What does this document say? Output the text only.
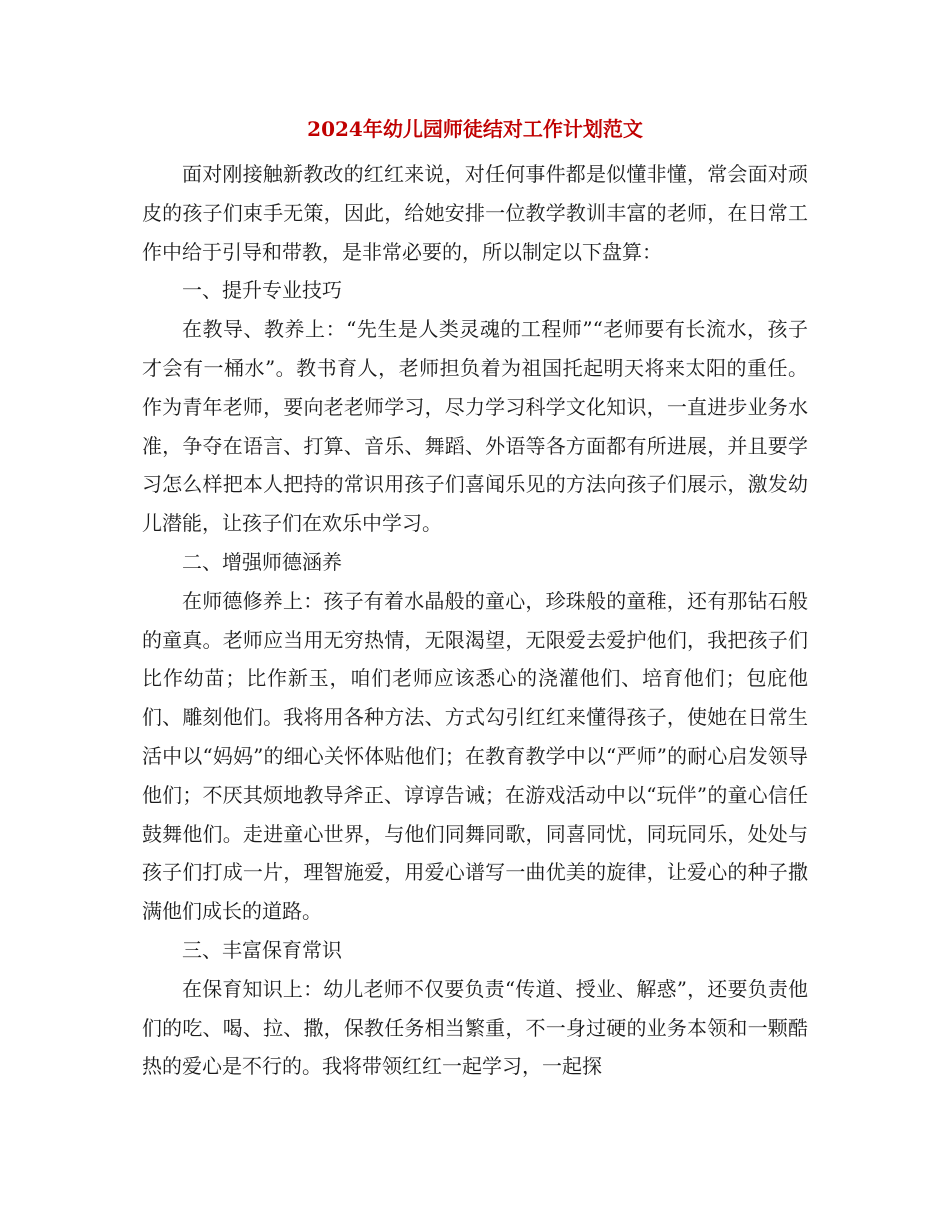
2024年幼儿园师徒结对工作计划范文

面对刚接触新教改的红红来说，对任何事件都是似懂非懂，常会面对顽皮的孩子们束手无策，因此，给她安排一位教学教训丰富的老师，在日常工作中给于引导和带教，是非常必要的，所以制定以下盘算：

一、提升专业技巧

在教导、教养上：“先生是人类灵魂的工程师”“老师要有长流水，孩子才会有一桶水”。教书育人，老师担负着为祖国托起明天将来太阳的重任。作为青年老师，要向老老师学习，尽力学习科学文化知识，一直进步业务水准，争夺在语言、打算、音乐、舞蹈、外语等各方面都有所进展，并且要学习怎么样把本人把持的常识用孩子们喜闻乐见的方法向孩子们展示，激发幼儿潜能，让孩子们在欢乐中学习。

二、增强师德涵养

在师德修养上：孩子有着水晶般的童心，珍珠般的童稚，还有那钻石般的童真。老师应当用无穷热情，无限渴望，无限爱去爱护他们，我把孩子们比作幼苗；比作新玉，咱们老师应该悉心的浇灌他们、培育他们；包庇他们、雕刻他们。我将用各种方法、方式勾引红红来懂得孩子，使她在日常生活中以“妈妈”的细心关怀体贴他们；在教育教学中以“严师”的耐心启发领导他们；不厌其烦地教导斧正、谆谆告诫；在游戏活动中以“玩伴”的童心信任鼓舞他们。走进童心世界，与他们同舞同歌，同喜同忧，同玩同乐，处处与孩子们打成一片，理智施爱，用爱心谱写一曲优美的旋律，让爱心的种子撒满他们成长的道路。

三、丰富保育常识

在保育知识上：幼儿老师不仅要负责“传道、授业、解惑”，还要负责他们的吃、喝、拉、撒，保教任务相当繁重，不一身过硬的业务本领和一颗酷热的爱心是不行的。我将带领红红一起学习，一起探
